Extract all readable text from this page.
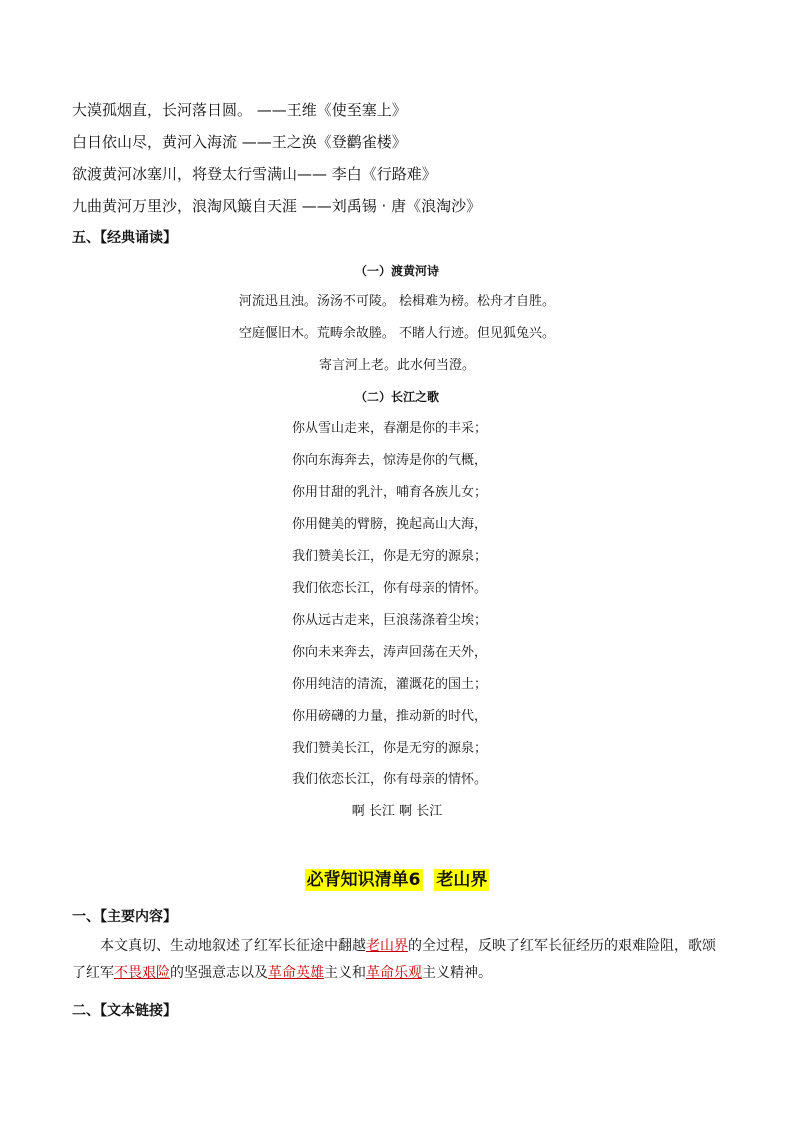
大漠孤烟直，长河落日圆。 ——王维《使至塞上》
白日依山尽，黄河入海流 ——王之涣《登鹳雀楼》
欲渡黄河冰塞川，将登太行雪满山—— 李白《行路难》
九曲黄河万里沙，浪淘风簸自天涯 ——刘禹锡 · 唐《浪淘沙》
五、【经典诵读】
（一）渡黄河诗
河流迅且浊。汤汤不可陵。 桧楫难为榜。松舟才自胜。
空庭偃旧木。荒畴余故塍。 不睹人行迹。但见狐兔兴。
寄言河上老。此水何当澄。
（二）长江之歌
你从雪山走来，春潮是你的丰采；
你向东海奔去，惊涛是你的气概，
你用甘甜的乳汁，哺育各族儿女；
你用健美的臂膀，挽起高山大海，
我们赞美长江，你是无穷的源泉；
我们依恋长江，你有母亲的情怀。
你从远古走来，巨浪荡涤着尘埃；
你向未来奔去，涛声回荡在天外，
你用纯洁的清流，灌溉花的国土；
你用磅礴的力量，推动新的时代，
我们赞美长江，你是无穷的源泉；
我们依恋长江，你有母亲的情怀。
啊 长江 啊 长江
必背知识清单6 老山界
一、【主要内容】
本文真切、生动地叙述了红军长征途中翻越老山界的全过程，反映了红军长征经历的艰难险阻，歌颂了红军不畏艰险的坚强意志以及革命英雄主义和革命乐观主义精神。
二、【文本链接】
